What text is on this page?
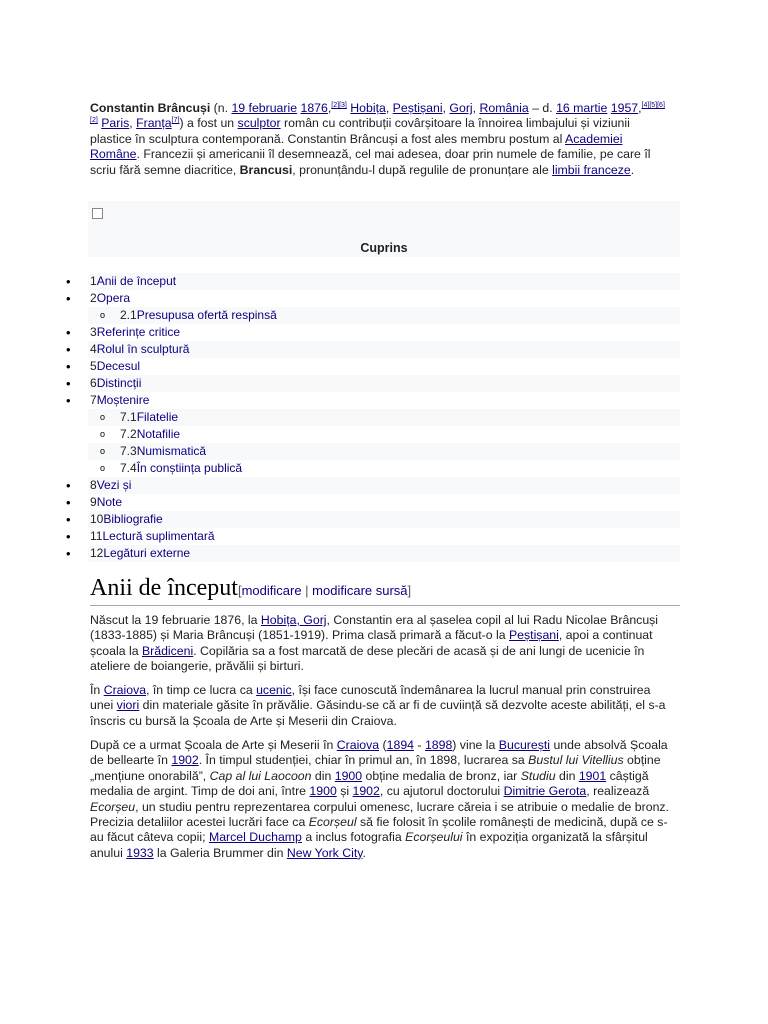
Constantin Brâncuși (n. 19 februarie 1876,[2][3] Hobița, Peștișani, Gorj, România – d. 16 martie 1957,[4][5][6][2] Paris, Franța[7]) a fost un sculptor român cu contribuții covârșitoare la înnoirea limbajului și viziunii plastice în sculptura contemporană. Constantin Brâncuși a fost ales membru postum al Academiei Române. Francezii și americanii îl desemnează, cel mai adesea, doar prin numele de familie, pe care îl scriu fără semne diacritice, Brancusi, pronunțându-l după regulile de pronunțare ale limbii franceze.

Cuprins
• 1Anii de început
• 2Opera
o 2.1Presupusa ofertă respinsă
• 3Referințe critice
• 4Rolul în sculptură
• 5Decesul
• 6Distincții
• 7Moștenire
o 7.1Filatelie
o 7.2Notafilie
o 7.3Numismatică
o 7.4În conștiința publică
• 8Vezi și
• 9Note
• 10Bibliografie
• 11Lectură suplimentară
• 12Legături externe
Anii de început[modificare | modificare sursă]

Născut la 19 februarie 1876, la Hobița, Gorj, Constantin era al șaselea copil al lui Radu Nicolae Brâncuși (1833-1885) și Maria Brâncuși (1851-1919). Prima clasă primară a făcut-o la Peștișani, apoi a continuat școala la Brădiceni. Copilăria sa a fost marcată de dese plecări de acasă și de ani lungi de ucenicie în ateliere de boiangerie, prăvălii și birturi.

În Craiova, în timp ce lucra ca ucenic, își face cunoscută îndemânarea la lucrul manual prin construirea unei viori din materiale găsite în prăvălie. Găsindu-se că ar fi de cuviință să dezvolte aceste abilități, el s-a înscris cu bursă la Școala de Arte și Meserii din Craiova.

După ce a urmat Școala de Arte și Meserii în Craiova (1894 - 1898) vine la București unde absolvă Școala de bellearte în 1902. În timpul studenției, chiar în primul an, în 1898, lucrarea sa Bustul lui Vitellius obține „mențiune onorabilă”, Cap al lui Laocoon din 1900 obține medalia de bronz, iar Studiu din 1901 câștigă medalia de argint. Timp de doi ani, între 1900 și 1902, cu ajutorul doctorului Dimitrie Gerota, realizează Ecorșeu, un studiu pentru reprezentarea corpului omenesc, lucrare căreia i se atribuie o medalie de bronz. Precizia detaliilor acestei lucrări face ca Ecorșeul să fie folosit în școlile românești de medicină, după ce s-au făcut câteva copii; Marcel Duchamp a inclus fotografia Ecorșeului în expoziția organizată la sfârșitul anului 1933 la Galeria Brummer din New York City.
